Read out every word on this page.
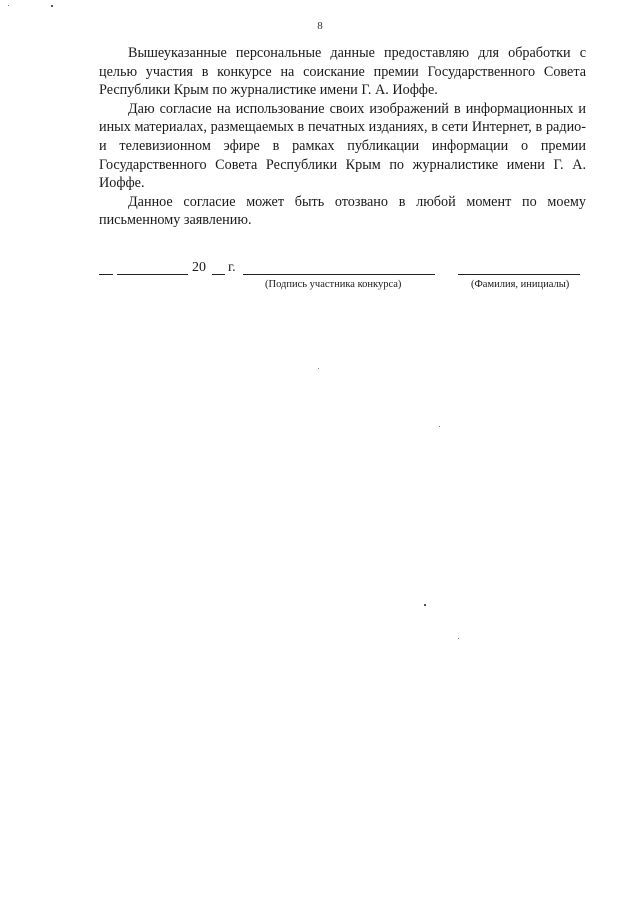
8

Вышеуказанные персональные данные предоставляю для обработки с целью участия в конкурсе на соискание премии Государственного Совета Республики Крым по журналистике имени Г. А. Иоффе.

Даю согласие на использование своих изображений в информационных и иных материалах, размещаемых в печатных изданиях, в сети Интернет, в радио- и телевизионном эфире в рамках публикации информации о премии Государственного Совета Республики Крым по журналистике имени Г. А. Иоффе.

Данное согласие может быть отозвано в любой момент по моему письменному заявлению.

20 г.
(Подпись участника конкурса)	(Фамилия, инициалы)
